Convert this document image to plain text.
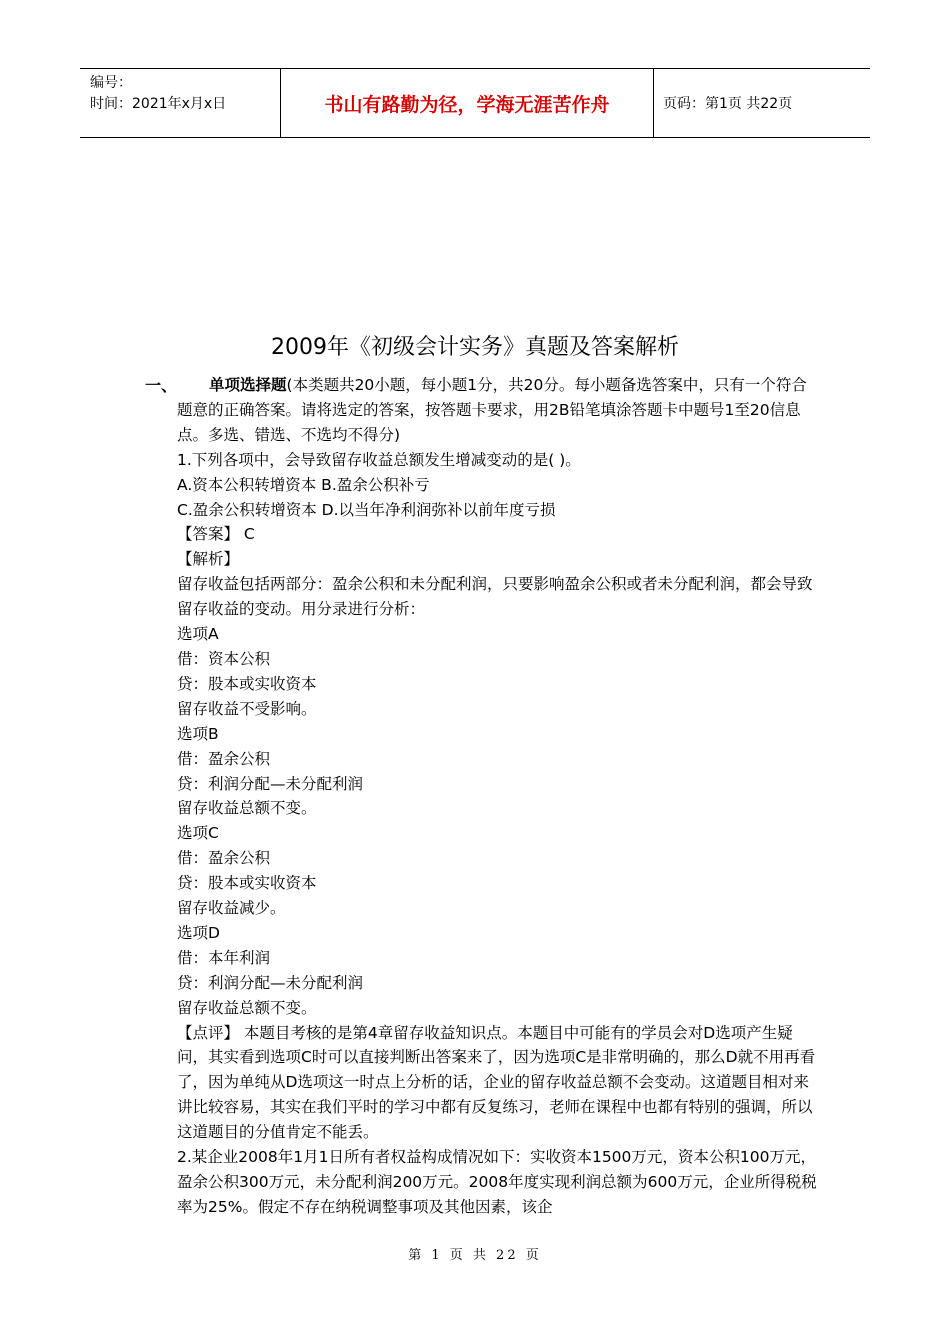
编号：
时间：2021年x月x日	书山有路勤为径，学海无涯苦作舟	页码：第1页 共22页
2009年《初级会计实务》真题及答案解析
一、	单项选择题(本类题共20小题，每小题1分，共20分。每小题备选答案中，只有一个符合题意的正确答案。请将选定的答案，按答题卡要求，用2B铅笔填涂答题卡中题号1至20信息点。多选、错选、不选均不得分)

1.下列各项中，会导致留存收益总额发生增减变动的是( )。

A.资本公积转增资本 B.盈余公积补亏

C.盈余公积转增资本 D.以当年净利润弥补以前年度亏损

【答案】 C

【解析】

留存收益包括两部分：盈余公积和未分配利润，只要影响盈余公积或者未分配利润，都会导致留存收益的变动。用分录进行分析：

选项A

借：资本公积

贷：股本或实收资本

留存收益不受影响。

选项B

借：盈余公积

贷：利润分配—未分配利润

留存收益总额不变。

选项C

借：盈余公积

贷：股本或实收资本

留存收益减少。

选项D

借：本年利润

贷：利润分配—未分配利润

留存收益总额不变。

【点评】 本题目考核的是第4章留存收益知识点。本题目中可能有的学员会对D选项产生疑问，其实看到选项C时可以直接判断出答案来了，因为选项C是非常明确的，那么D就不用再看了，因为单纯从D选项这一时点上分析的话，企业的留存收益总额不会变动。这道题目相对来讲比较容易，其实在我们平时的学习中都有反复练习，老师在课程中也都有特别的强调，所以这道题目的分值肯定不能丢。

2.某企业2008年1月1日所有者权益构成情况如下：实收资本1500万元，资本公积100万元，盈余公积300万元，未分配利润200万元。2008年度实现利润总额为600万元，企业所得税税率为25%。假定不存在纳税调整事项及其他因素，该企

第 1 页 共 22 页
